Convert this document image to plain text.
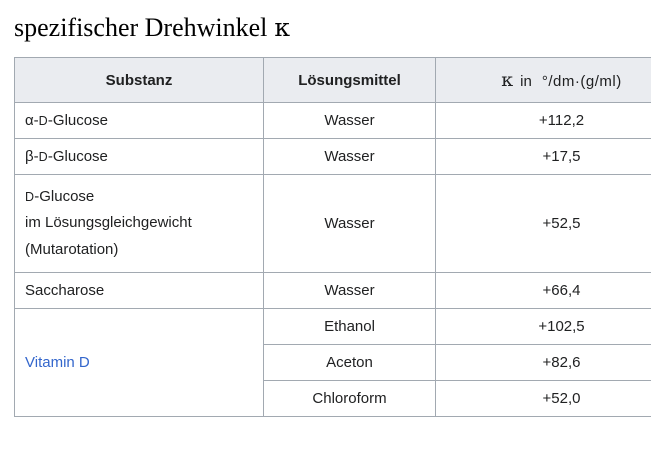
spezifischer Drehwinkel κ
Substanz	Lösungsmittel	κ in °/dm·(g/ml)
α-D-Glucose	Wasser	+112,2
β-D-Glucose	Wasser	+17,5

D-Glucose
im Lösungsgleichgewicht
(Mutarotation)	Wasser	+52,5
Saccharose	Wasser	+66,4
Vitamin D	Ethanol	+102,5
	Aceton	+82,6
	Chloroform	+52,0
